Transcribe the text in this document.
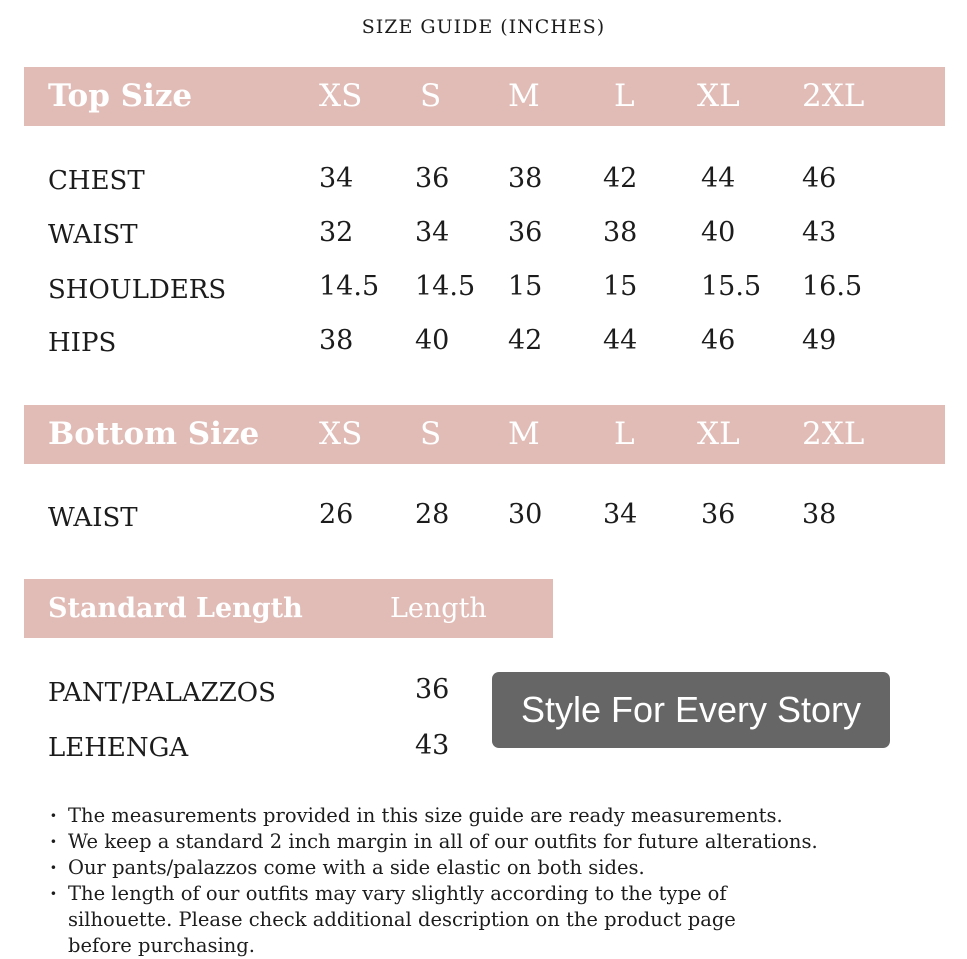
SIZE GUIDE (INCHES)
Top Size	XS S M L XL 2XL
CHEST	34 36 38 42 44 46
WAIST	32 34 36 38 40 43
SHOULDERS	14.5 14.5 15 15 15.5 16.5
HIPS	38 40 42 44 46 49
Bottom Size XS S M L XL 2XL
WAIST	26 28 30 34 36 38
Standard Length	Length
PANT/PALAZZOS	36
LEHENGA	43
Style For Every Story
· The measurements provided in this size guide are ready measurements.
· We keep a standard 2 inch margin in all of our outfits for future alterations.
· Our pants/palazzos come with a side elastic on both sides.
· The length of our outfits may vary slightly according to the type of silhouette. Please check additional description on the product page before purchasing.
